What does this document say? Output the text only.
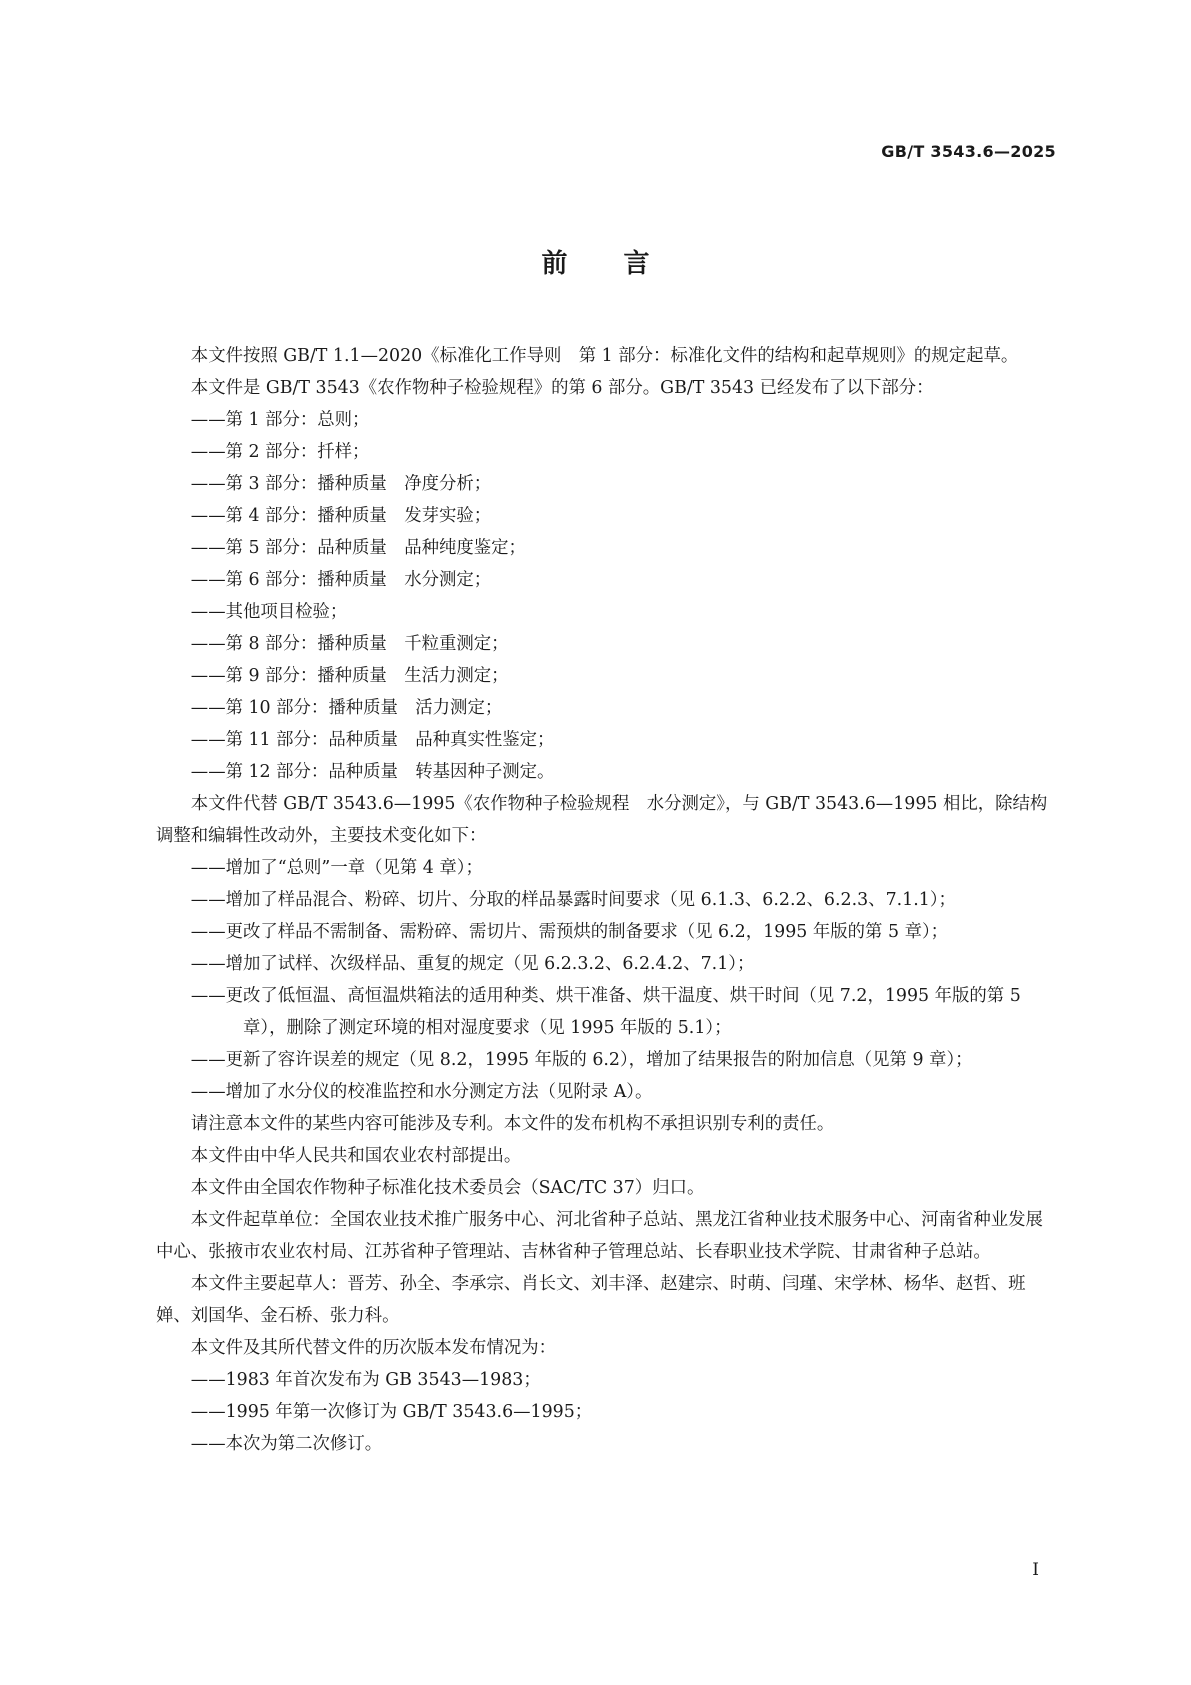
GB/T 3543.6—2025
前 言

本文件按照 GB/T 1.1—2020《标准化工作导则　第 1 部分：标准化文件的结构和起草规则》的规定起草。

本文件是 GB/T 3543《农作物种子检验规程》的第 6 部分。GB/T 3543 已经发布了以下部分：

——第 1 部分：总则；

——第 2 部分：扦样；

——第 3 部分：播种质量　净度分析；

——第 4 部分：播种质量　发芽实验；

——第 5 部分：品种质量　品种纯度鉴定；

——第 6 部分：播种质量　水分测定；

——其他项目检验；

——第 8 部分：播种质量　千粒重测定；

——第 9 部分：播种质量　生活力测定；

——第 10 部分：播种质量　活力测定；

——第 11 部分：品种质量　品种真实性鉴定；

——第 12 部分：品种质量　转基因种子测定。

本文件代替 GB/T 3543.6—1995《农作物种子检验规程　水分测定》，与 GB/T 3543.6—1995 相比，除结构调整和编辑性改动外，主要技术变化如下：

——增加了“总则”一章（见第 4 章）；

——增加了样品混合、粉碎、切片、分取的样品暴露时间要求（见 6.1.3、6.2.2、6.2.3、7.1.1）；

——更改了样品不需制备、需粉碎、需切片、需预烘的制备要求（见 6.2，1995 年版的第 5 章）；

——增加了试样、次级样品、重复的规定（见 6.2.3.2、6.2.4.2、7.1）；

——更改了低恒温、高恒温烘箱法的适用种类、烘干准备、烘干温度、烘干时间（见 7.2，1995 年版的第 5 章），删除了测定环境的相对湿度要求（见 1995 年版的 5.1）；

——更新了容许误差的规定（见 8.2，1995 年版的 6.2），增加了结果报告的附加信息（见第 9 章）；

——增加了水分仪的校准监控和水分测定方法（见附录 A）。

请注意本文件的某些内容可能涉及专利。本文件的发布机构不承担识别专利的责任。

本文件由中华人民共和国农业农村部提出。

本文件由全国农作物种子标准化技术委员会（SAC/TC 37）归口。

本文件起草单位：全国农业技术推广服务中心、河北省种子总站、黑龙江省种业技术服务中心、河南省种业发展中心、张掖市农业农村局、江苏省种子管理站、吉林省种子管理总站、长春职业技术学院、甘肃省种子总站。

本文件主要起草人：晋芳、孙全、李承宗、肖长文、刘丰泽、赵建宗、时萌、闫瑾、宋学林、杨华、赵哲、班婵、刘国华、金石桥、张力科。

本文件及其所代替文件的历次版本发布情况为：

——1983 年首次发布为 GB 3543—1983；

——1995 年第一次修订为 GB/T 3543.6—1995；

——本次为第二次修订。

I
